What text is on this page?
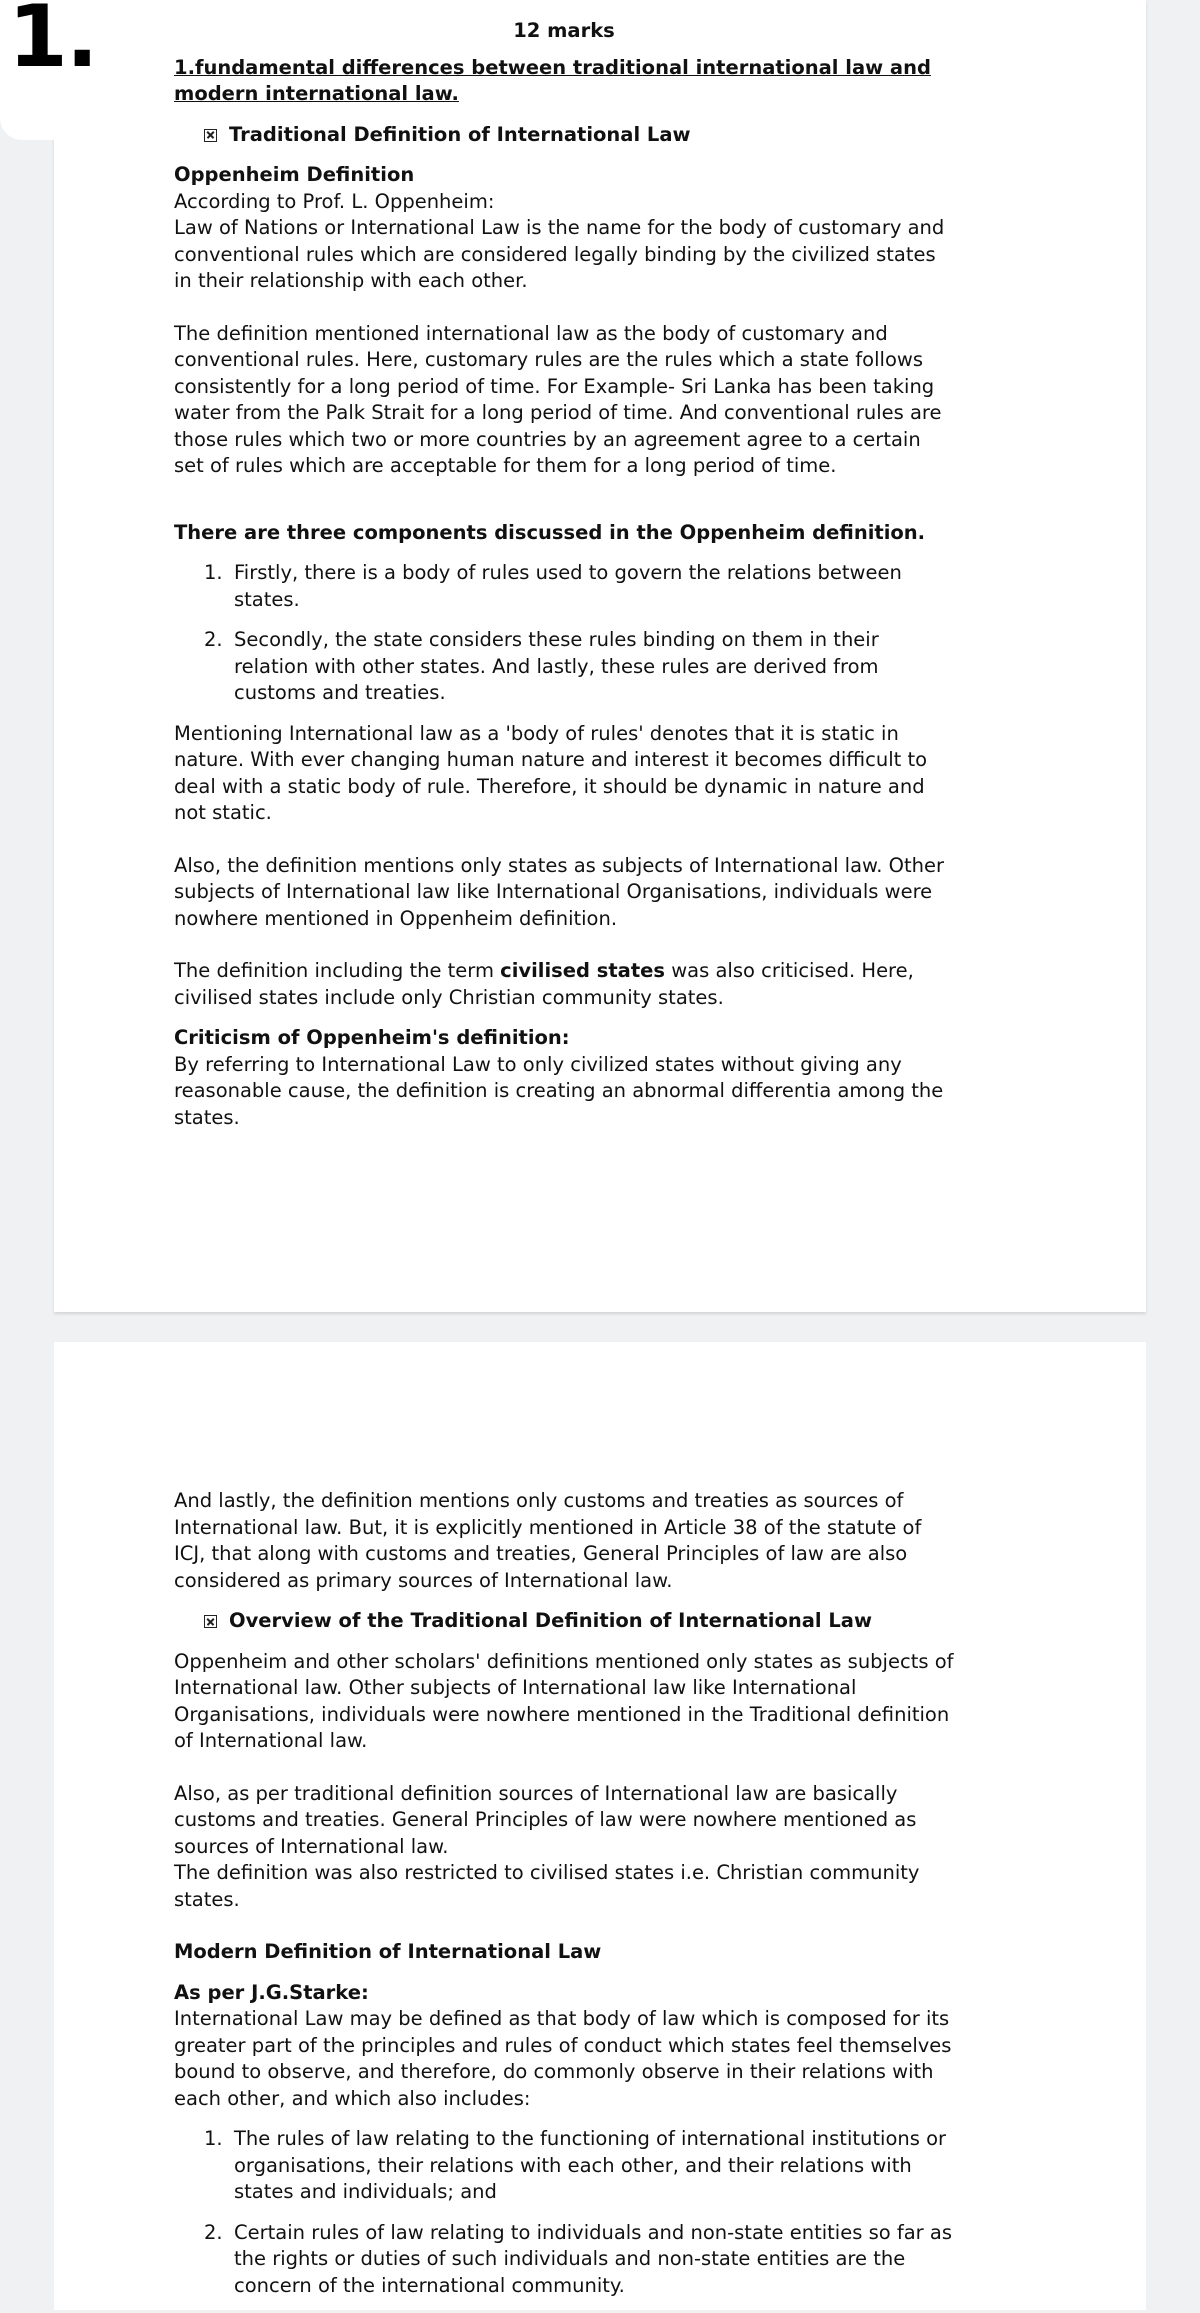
1.	12 marks

1.fundamental differences between traditional international law and modern international law.

Traditional Definition of International Law

Oppenheim Definition

According to Prof. L. Oppenheim:

Law of Nations or International Law is the name for the body of customary and conventional rules which are considered legally binding by the civilized states in their relationship with each other.

The definition mentioned international law as the body of customary and conventional rules. Here, customary rules are the rules which a state follows consistently for a long period of time. For Example- Sri Lanka has been taking water from the Palk Strait for a long period of time. And conventional rules are those rules which two or more countries by an agreement agree to a certain set of rules which are acceptable for them for a long period of time.

There are three components discussed in the Oppenheim definition.

1. Firstly, there is a body of rules used to govern the relations between states.
2. Secondly, the state considers these rules binding on them in their relation with other states. And lastly, these rules are derived from customs and treaties.

Mentioning International law as a 'body of rules' denotes that it is static in nature. With ever changing human nature and interest it becomes difficult to deal with a static body of rule. Therefore, it should be dynamic in nature and not static.

Also, the definition mentions only states as subjects of International law. Other subjects of International law like International Organisations, individuals were nowhere mentioned in Oppenheim definition.

The definition including the term civilised states was also criticised. Here, civilised states include only Christian community states.

Criticism of Oppenheim's definition:

By referring to International Law to only civilized states without giving any reasonable cause, the definition is creating an abnormal differentia among the states.

And lastly, the definition mentions only customs and treaties as sources of International law. But, it is explicitly mentioned in Article 38 of the statute of ICJ, that along with customs and treaties, General Principles of law are also considered as primary sources of International law.

Overview of the Traditional Definition of International Law

Oppenheim and other scholars' definitions mentioned only states as subjects of International law. Other subjects of International law like International Organisations, individuals were nowhere mentioned in the Traditional definition of International law.

Also, as per traditional definition sources of International law are basically customs and treaties. General Principles of law were nowhere mentioned as sources of International law.

The definition was also restricted to civilised states i.e. Christian community states.

Modern Definition of International Law

As per J.G.Starke:

International Law may be defined as that body of law which is composed for its greater part of the principles and rules of conduct which states feel themselves bound to observe, and therefore, do commonly observe in their relations with each other, and which also includes:

1. The rules of law relating to the functioning of international institutions or organisations, their relations with each other, and their relations with states and individuals; and
2. Certain rules of law relating to individuals and non-state entities so far as the rights or duties of such individuals and non-state entities are the concern of the international community.
